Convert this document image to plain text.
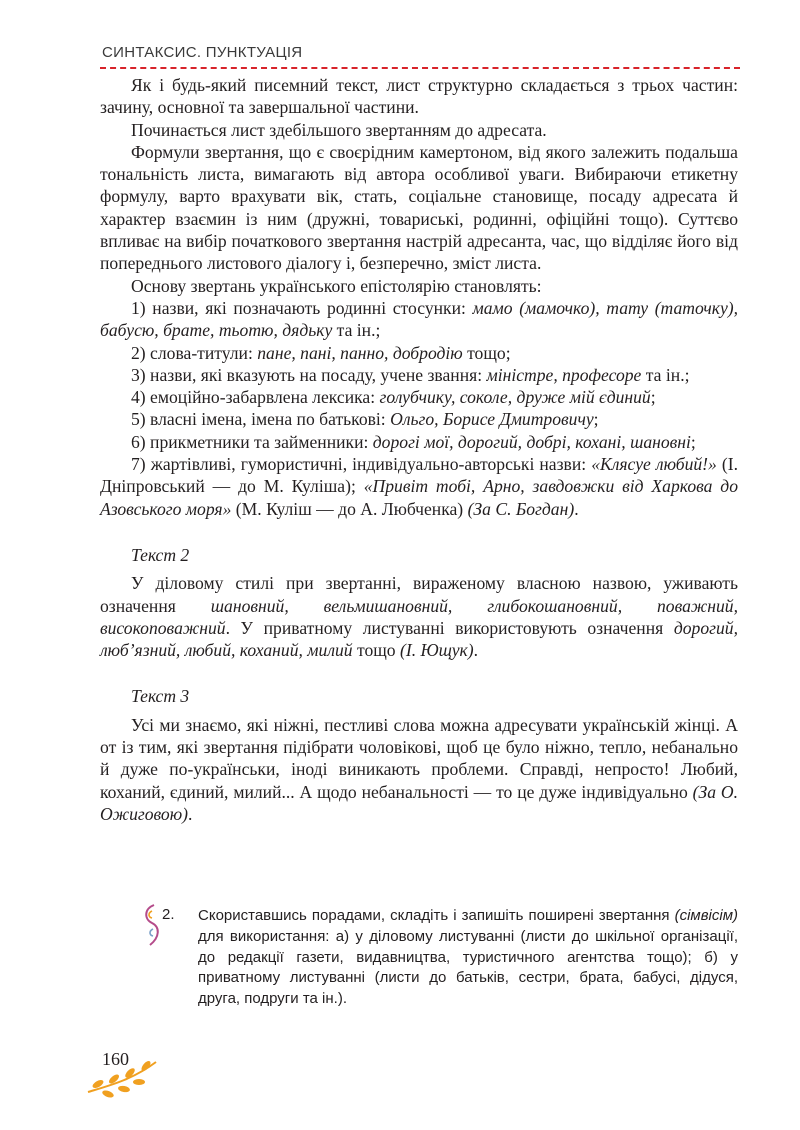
СИНТАКСИС. ПУНКТУАЦІЯ

Як і будь-який писемний текст, лист структурно складається з трьох частин: зачину, основної та завершальної частини.

Починається лист здебільшого звертанням до адресата.

Формули звертання, що є своєрідним камертоном, від якого залежить подальша тональність листа, вимагають від автора особливої уваги. Вибираючи етикетну формулу, варто врахувати вік, стать, соціальне становище, посаду адресата й характер взаємин із ним (дружні, товариські, родинні, офіційні тощо). Суттєво впливає на вибір початкового звертання настрій адресанта, час, що відділяє його від попереднього листового діалогу і, безперечно, зміст листа.

Основу звертань українського епістолярію становлять:

1) назви, які позначають родинні стосунки: мамо (мамочко), тату (таточку), бабусю, брате, тьотю, дядьку та ін.;

2) слова-титули: пане, пані, панно, добродію тощо;

3) назви, які вказують на посаду, учене звання: міністре, професоре та ін.;

4) емоційно-забарвлена лексика: голубчику, соколе, друже мій єдиний;

5) власні імена, імена по батькові: Ольго, Борисе Дмитровичу;

6) прикметники та займенники: дорогі мої, дорогий, добрі, кохані, шановні;

7) жартівливі, гумористичні, індивідуально-авторські назви: «Клясуе любий!» (І. Дніпровський — до М. Куліша); «Привіт тобі, Арно, завдовжки від Харкова до Азовського моря» (М. Куліш — до А. Любченка) (За С. Богдан).

Текст 2

У діловому стилі при звертанні, вираженому власною назвою, уживають означення шановний, вельмишановний, глибокошановний, поважний, високоповажний. У приватному листуванні використовують означення дорогий, люб’язний, любий, коханий, милий тощо (І. Ющук).

Текст 3

Усі ми знаємо, які ніжні, пестливі слова можна адресувати українській жінці. А от із тим, які звертання підібрати чоловікові, щоб це було ніжно, тепло, небанально й дуже по-українськи, іноді виникають проблеми. Справді, непросто! Любий, коханий, єдиний, милий... А щодо небанальності — то це дуже індивідуально (За О. Ожиговою).

2. Скориставшись порадами, складіть і запишіть поширені звертання (сімвісім) для використання: а) у діловому листуванні (листи до шкільної організації, до редакції газети, видавництва, туристичного агентства тощо); б) у приватному листуванні (листи до батьків, сестри, брата, бабусі, дідуся, друга, подруги та ін.).
160
